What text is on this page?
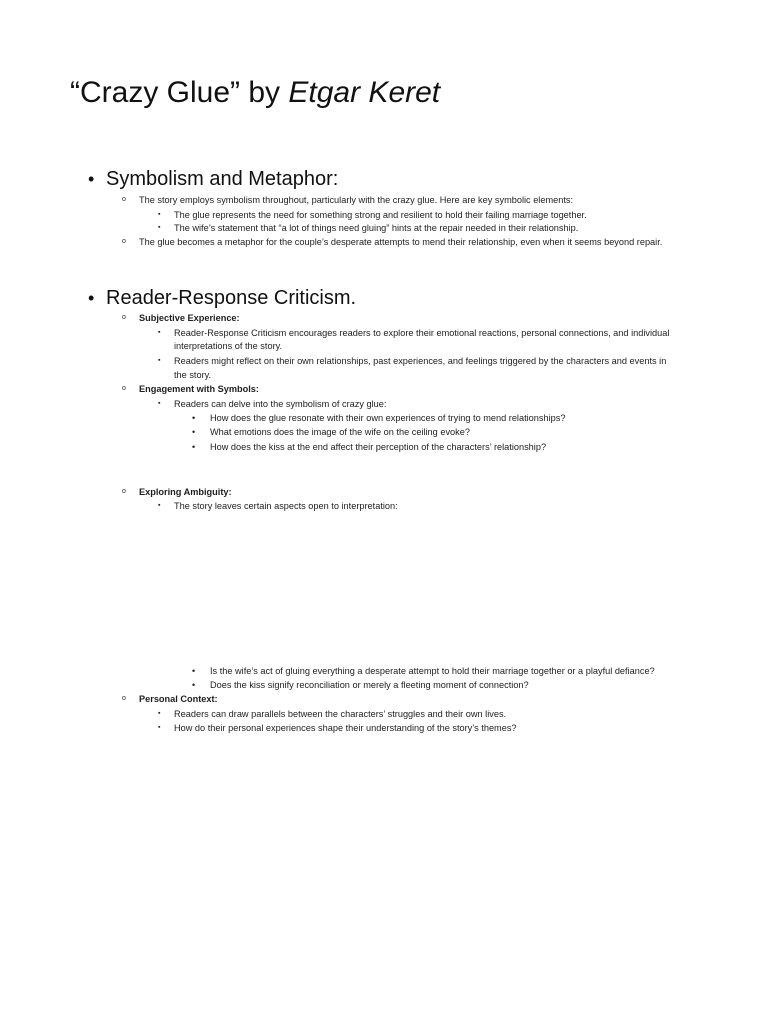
“Crazy Glue” by Etgar Keret
• Symbolism and Metaphor:
o The story employs symbolism throughout, particularly with the crazy glue. Here are key symbolic elements:
▪ The glue represents the need for something strong and resilient to hold their failing marriage together.
▪ The wife’s statement that “a lot of things need gluing” hints at the repair needed in their relationship.
o The glue becomes a metaphor for the couple’s desperate attempts to mend their relationship, even when it seems beyond repair.
• Reader-Response Criticism.
o Subjective Experience:
▪ Reader-Response Criticism encourages readers to explore their emotional reactions, personal connections, and individual
interpretations of the story.
▪ Readers might reflect on their own relationships, past experiences, and feelings triggered by the characters and events in
the story.
o Engagement with Symbols:
▪ Readers can delve into the symbolism of crazy glue:
• How does the glue resonate with their own experiences of trying to mend relationships?
• What emotions does the image of the wife on the ceiling evoke?
• How does the kiss at the end affect their perception of the characters’ relationship?
o Exploring Ambiguity:
▪ The story leaves certain aspects open to interpretation:
• Is the wife’s act of gluing everything a desperate attempt to hold their marriage together or a playful defiance?
• Does the kiss signify reconciliation or merely a fleeting moment of connection?
o Personal Context:
▪ Readers can draw parallels between the characters’ struggles and their own lives.
▪ How do their personal experiences shape their understanding of the story’s themes?
